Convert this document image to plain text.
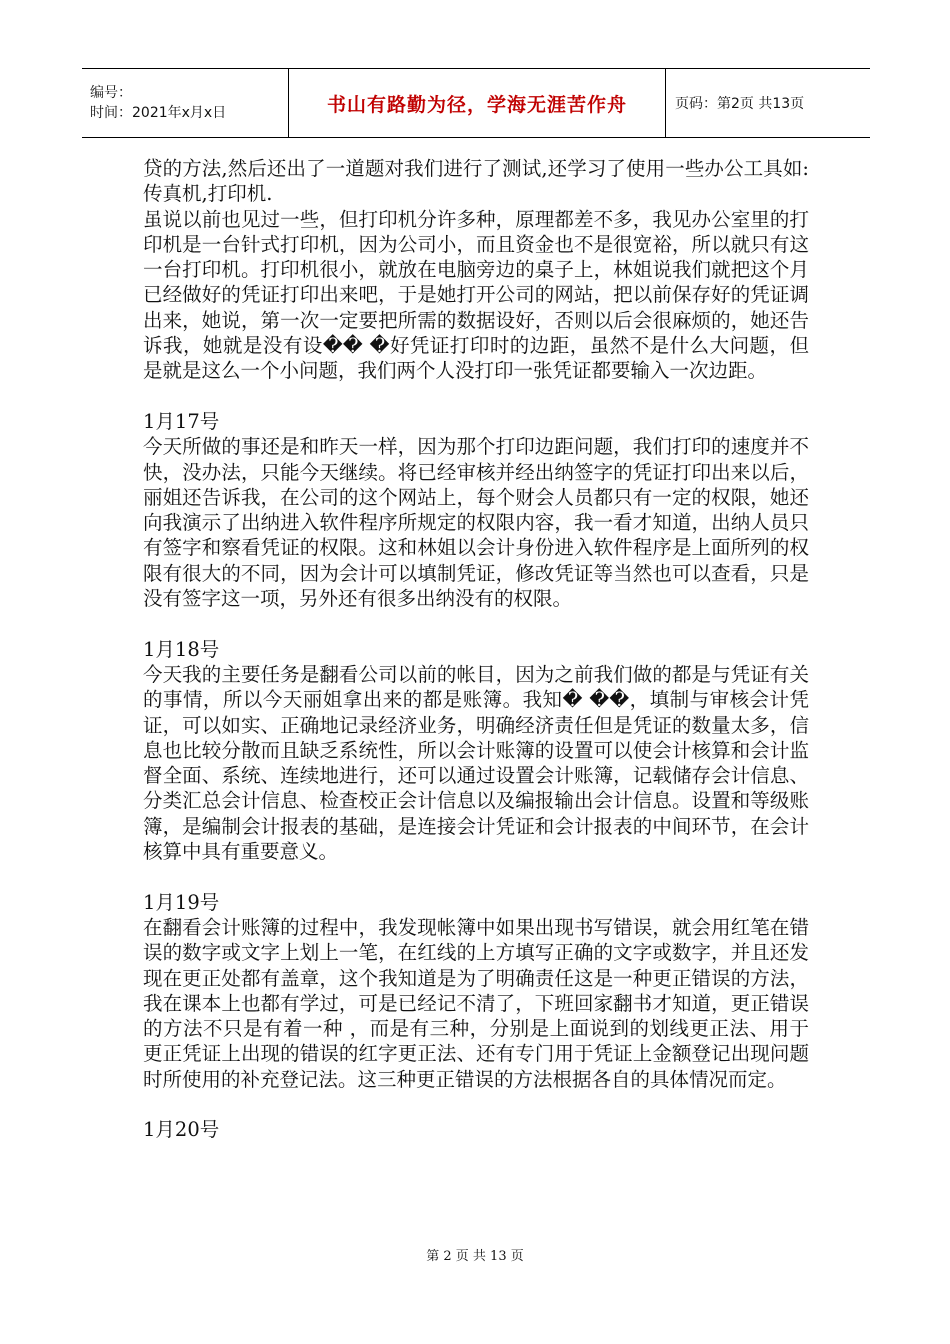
编号：
时间：2021年x月x日	书山有路勤为径，学海无涯苦作舟	页码：第2页 共13页

贷的方法,然后还出了一道题对我们进行了测试,还学习了使用一些办公工具如:传真机,打印机.

虽说以前也见过一些，但打印机分许多种，原理都差不多，我见办公室里的打印机是一台针式打印机，因为公司小，而且资金也不是很宽裕，所以就只有这一台打印机。打印机很小，就放在电脑旁边的桌子上，林姐说我们就把这个月已经做好的凭证打印出来吧，于是她打开公司的网站，把以前保存好的凭证调出来，她说，第一次一定要把所需的数据设好，否则以后会很麻烦的，她还告诉我，她就是没有设�� �好凭证打印时的边距，虽然不是什么大问题，但是就是这么一个小问题，我们两个人没打印一张凭证都要输入一次边距。

1月17号

今天所做的事还是和昨天一样，因为那个打印边距问题，我们打印的速度并不快，没办法，只能今天继续。将已经审核并经出纳签字的凭证打印出来以后，丽姐还告诉我，在公司的这个网站上，每个财会人员都只有一定的权限，她还向我演示了出纳进入软件程序所规定的权限内容，我一看才知道，出纳人员只有签字和察看凭证的权限。这和林姐以会计身份进入软件程序是上面所列的权限有很大的不同，因为会计可以填制凭证，修改凭证等当然也可以查看，只是没有签字这一项，另外还有很多出纳没有的权限。

1月18号

今天我的主要任务是翻看公司以前的帐目，因为之前我们做的都是与凭证有关的事情，所以今天丽姐拿出来的都是账簿。我知� ��，填制与审核会计凭证，可以如实、正确地记录经济业务，明确经济责任但是凭证的数量太多，信息也比较分散而且缺乏系统性，所以会计账簿的设置可以使会计核算和会计监督全面、系统、连续地进行，还可以通过设置会计账簿，记载储存会计信息、分类汇总会计信息、检查校正会计信息以及编报输出会计信息。设置和等级账簿，是编制会计报表的基础，是连接会计凭证和会计报表的中间环节，在会计核算中具有重要意义。

1月19号

在翻看会计账簿的过程中，我发现帐簿中如果出现书写错误，就会用红笔在错误的数字或文字上划上一笔，在红线的上方填写正确的文字或数字，并且还发现在更正处都有盖章，这个我知道是为了明确责任这是一种更正错误的方法，我在课本上也都有学过，可是已经记不清了，下班回家翻书才知道，更正错误的方法不只是有着一种 ，而是有三种，分别是上面说到的划线更正法、用于更正凭证上出现的错误的红字更正法、还有专门用于凭证上金额登记出现问题时所使用的补充登记法。这三种更正错误的方法根据各自的具体情况而定。

1月20号

第 2 页 共 13 页
